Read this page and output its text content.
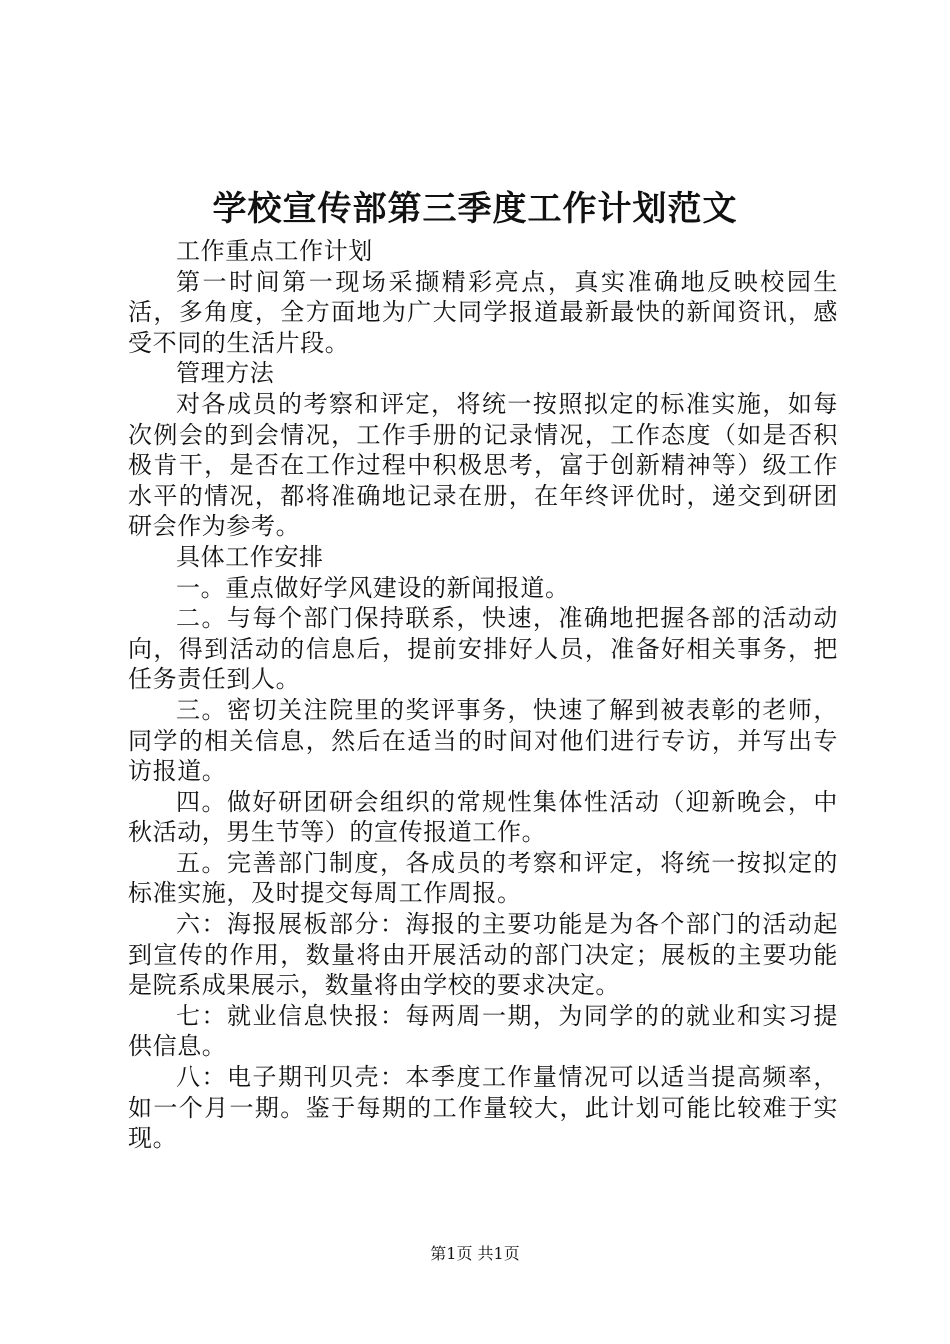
学校宣传部第三季度工作计划范文

工作重点工作计划

第一时间第一现场采撷精彩亮点，真实准确地反映校园生活，多角度，全方面地为广大同学报道最新最快的新闻资讯，感受不同的生活片段。

管理方法

对各成员的考察和评定，将统一按照拟定的标准实施，如每次例会的到会情况，工作手册的记录情况，工作态度（如是否积极肯干，是否在工作过程中积极思考，富于创新精神等）级工作水平的情况，都将准确地记录在册，在年终评优时，递交到研团研会作为参考。

具体工作安排

一。重点做好学风建设的新闻报道。

二。与每个部门保持联系，快速，准确地把握各部的活动动向，得到活动的信息后，提前安排好人员，准备好相关事务，把任务责任到人。

三。密切关注院里的奖评事务，快速了解到被表彰的老师，同学的相关信息，然后在适当的时间对他们进行专访，并写出专访报道。

四。做好研团研会组织的常规性集体性活动（迎新晚会，中秋活动，男生节等）的宣传报道工作。

五。完善部门制度，各成员的考察和评定，将统一按拟定的标准实施，及时提交每周工作周报。

六：海报展板部分：海报的主要功能是为各个部门的活动起到宣传的作用，数量将由开展活动的部门决定；展板的主要功能是院系成果展示，数量将由学校的要求决定。

七：就业信息快报：每两周一期，为同学的的就业和实习提供信息。

八：电子期刊贝壳：本季度工作量情况可以适当提高频率，如一个月一期。鉴于每期的工作量较大，此计划可能比较难于实现。

第1页 共1页
